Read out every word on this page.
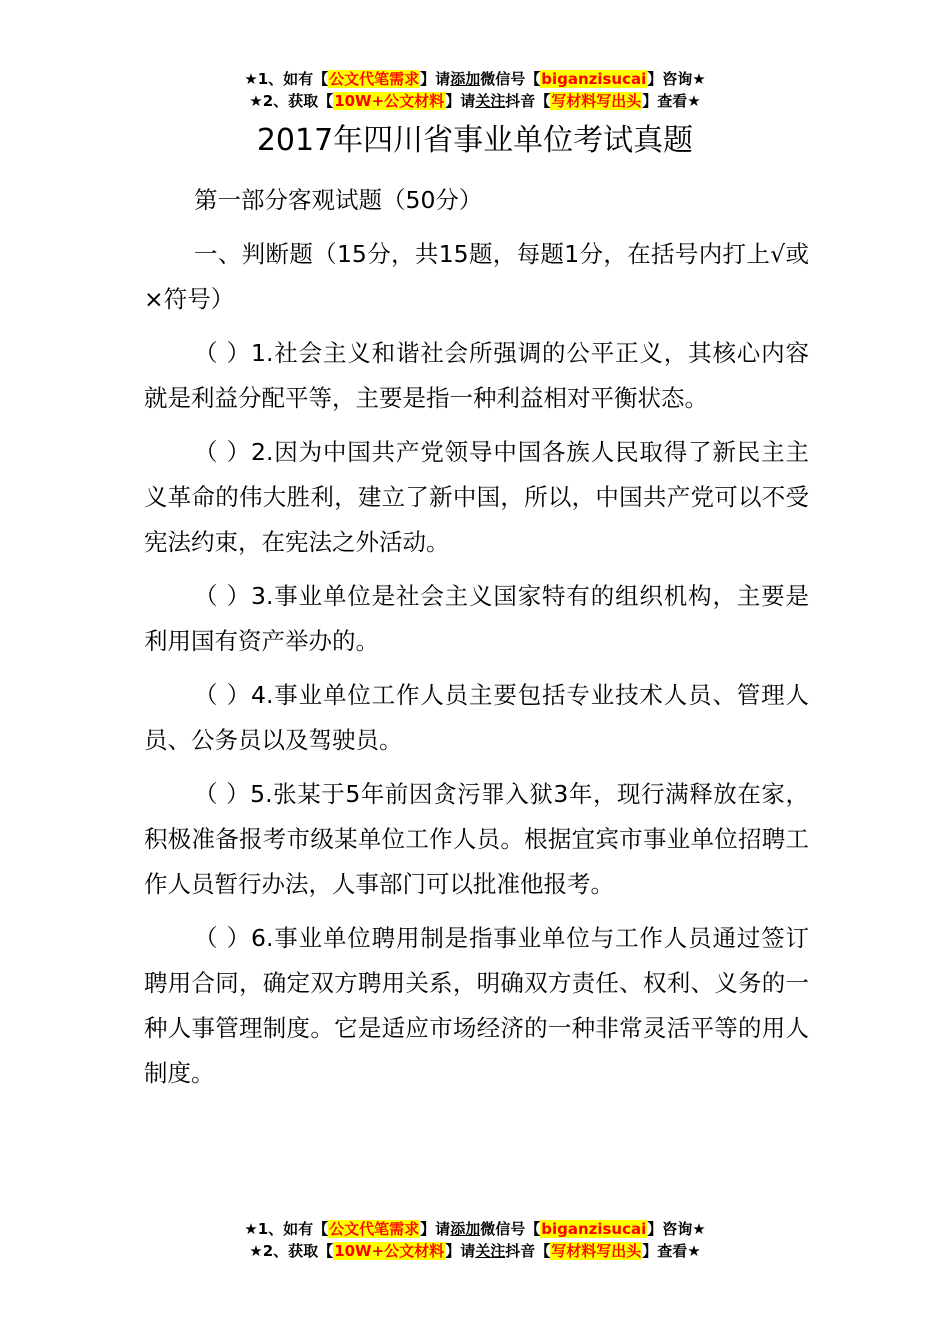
★1、如有【公文代笔需求】请添加微信号【biganzisucai】咨询★
★2、获取【10W+公文材料】请关注抖音【写材料写出头】查看★
2017年四川省事业单位考试真题

第一部分客观试题（50分）

一、判断题（15分，共15题，每题1分，在括号内打上√或×符号）

（ ）1.社会主义和谐社会所强调的公平正义，其核心内容就是利益分配平等，主要是指一种利益相对平衡状态。

（ ）2.因为中国共产党领导中国各族人民取得了新民主主义革命的伟大胜利，建立了新中国，所以，中国共产党可以不受宪法约束，在宪法之外活动。

（ ）3.事业单位是社会主义国家特有的组织机构，主要是利用国有资产举办的。

（ ）4.事业单位工作人员主要包括专业技术人员、管理人员、公务员以及驾驶员。

（ ）5.张某于5年前因贪污罪入狱3年，现行满释放在家，积极准备报考市级某单位工作人员。根据宜宾市事业单位招聘工作人员暂行办法，人事部门可以批准他报考。

（ ）6.事业单位聘用制是指事业单位与工作人员通过签订聘用合同，确定双方聘用关系，明确双方责任、权利、义务的一种人事管理制度。它是适应市场经济的一种非常灵活平等的用人制度。

★1、如有【公文代笔需求】请添加微信号【biganzisucai】咨询★
★2、获取【10W+公文材料】请关注抖音【写材料写出头】查看★
